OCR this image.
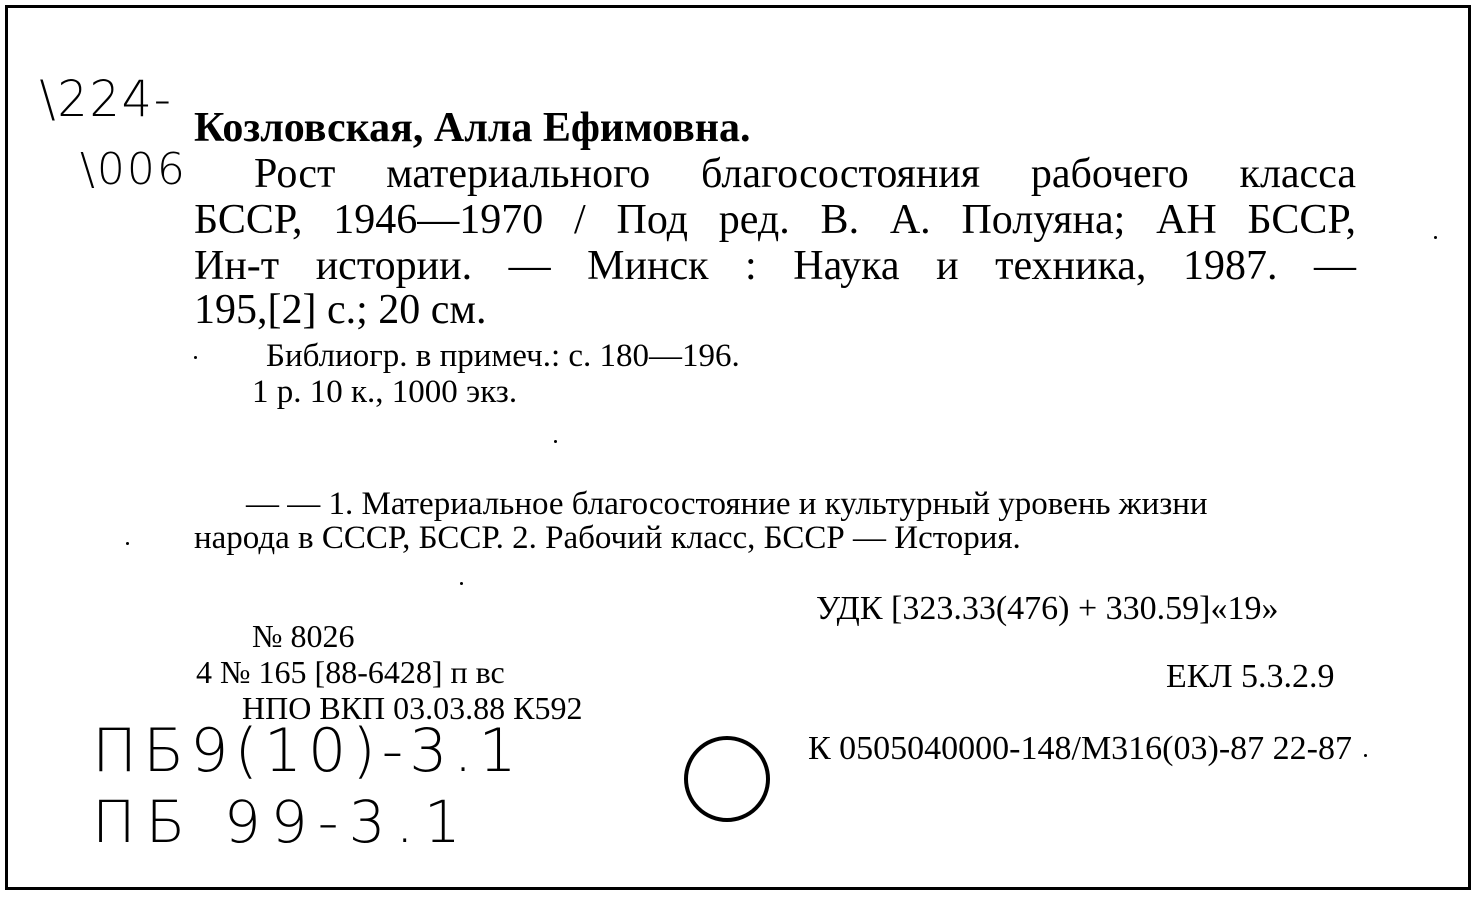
\224-
\006
Козловская, Алла Ефимовна.
Рост материального благосостояния рабочего класса
БССР, 1946—1970 / Под ред. В. А. Полуяна; АН БССР,
Ин-т истории. — Минск : Наука и техника, 1987. —
195,[2] с.; 20 см.
Библиогр. в примеч.: с. 180—196.
1 р. 10 к., 1000 экз.
— — 1. Материальное благосостояние и культурный уровень жизни
народа в СССР, БССР. 2. Рабочий класс, БССР — История.
УДК [323.33(476) + 330.59]«19»
№ 8026
4 № 165 [88-6428] п вс
НПО ВКП 03.03.88 К592
ЕКЛ 5.3.2.9
К 0505040000-148/М316(03)-87 22-87
ПБ9(10)-3.1
ПБ 99-3.1
